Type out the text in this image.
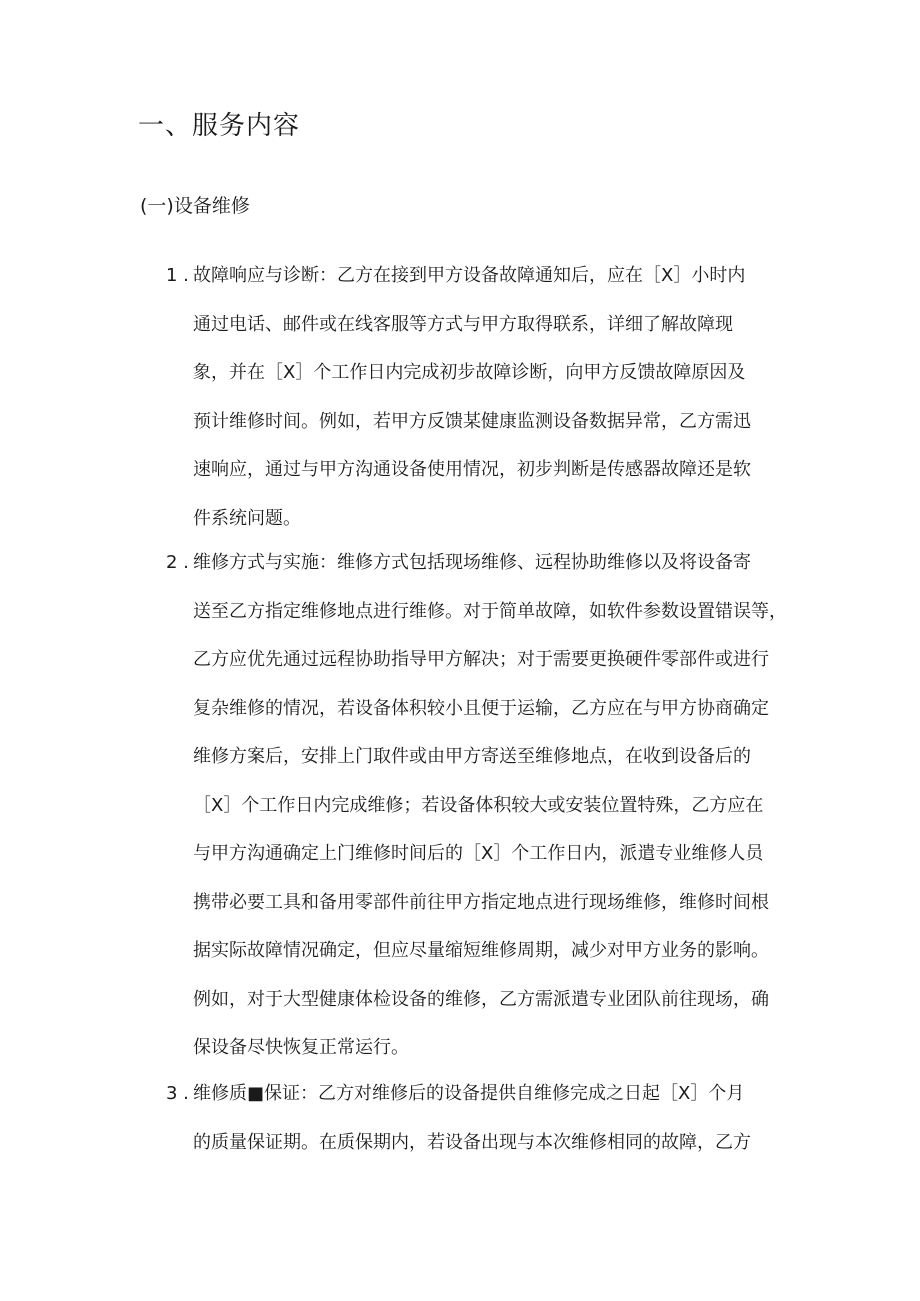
一、服务内容
(一)设备维修
1 . 故障响应与诊断：乙方在接到甲方设备故障通知后，应在［X］小时内
通过电话、邮件或在线客服等方式与甲方取得联系，详细了解故障现
象，并在［X］个工作日内完成初步故障诊断，向甲方反馈故障原因及
预计维修时间。例如，若甲方反馈某健康监测设备数据异常，乙方需迅
速响应，通过与甲方沟通设备使用情况，初步判断是传感器故障还是软
件系统问题。
2 . 维修方式与实施：维修方式包括现场维修、远程协助维修以及将设备寄
送至乙方指定维修地点进行维修。对于简单故障，如软件参数设置错误等，
乙方应优先通过远程协助指导甲方解决；对于需要更换硬件零部件或进行
复杂维修的情况，若设备体积较小且便于运输，乙方应在与甲方协商确定
维修方案后，安排上门取件或由甲方寄送至维修地点，在收到设备后的
［X］个工作日内完成维修；若设备体积较大或安装位置特殊，乙方应在
与甲方沟通确定上门维修时间后的［X］个工作日内，派遣专业维修人员
携带必要工具和备用零部件前往甲方指定地点进行现场维修，维修时间根
据实际故障情况确定，但应尽量缩短维修周期，减少对甲方业务的影响。
例如，对于大型健康体检设备的维修，乙方需派遣专业团队前往现场，确
保设备尽快恢复正常运行。
3 . 维修质■保证：乙方对维修后的设备提供自维修完成之日起［X］个月
的质量保证期。在质保期内，若设备出现与本次维修相同的故障，乙方
